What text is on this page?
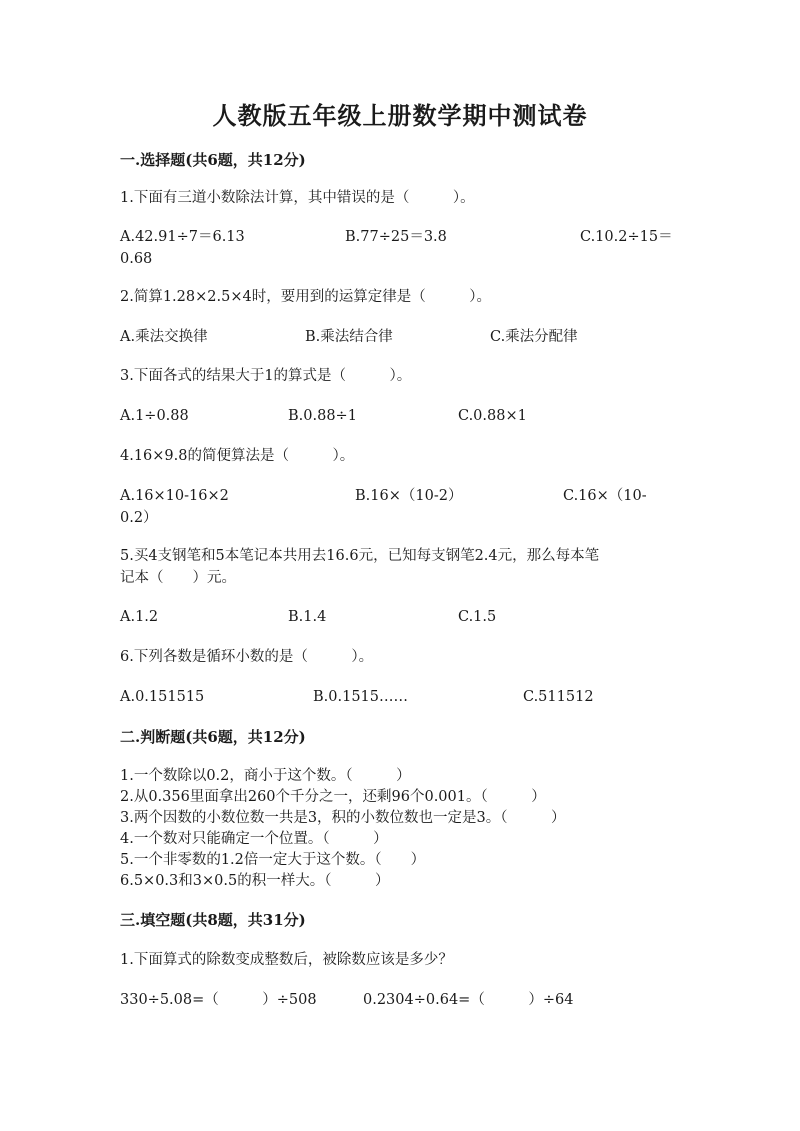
人教版五年级上册数学期中测试卷
一.选择题(共6题，共12分)
1.下面有三道小数除法计算，其中错误的是（　　　）。
A.42.91÷7＝6.13	B.77÷25＝3.8	C.10.2÷15＝
0.68
2.简算1.28×2.5×4时，要用到的运算定律是（　　　）。
A.乘法交换律	B.乘法结合律	C.乘法分配律
3.下面各式的结果大于1的算式是（　　　）。
A.1÷0.88	B.0.88÷1	C.0.88×1
4.16×9.8的简便算法是（　　　）。
A.16×10-16×2	B.16×（10-2）	C.16×（10-
0.2）
5.买4支钢笔和5本笔记本共用去16.6元，已知每支钢笔2.4元，那么每本笔
记本（　　）元。
A.1.2	B.1.4	C.1.5
6.下列各数是循环小数的是（　　　）。
A.0.151515	B.0.1515……	C.511512
二.判断题(共6题，共12分)
1.一个数除以0.2，商小于这个数。（　　　）
2.从0.356里面拿出260个千分之一，还剩96个0.001。（　　　）
3.两个因数的小数位数一共是3，积的小数位数也一定是3。（　　　）
4.一个数对只能确定一个位置。（　　　）
5.一个非零数的1.2倍一定大于这个数。（　　）
6.5×0.3和3×0.5的积一样大。（　　　）
三.填空题(共8题，共31分)
1.下面算式的除数变成整数后，被除数应该是多少？
330÷5.08=（　　　）÷508	0.2304÷0.64=（　　　）÷64
